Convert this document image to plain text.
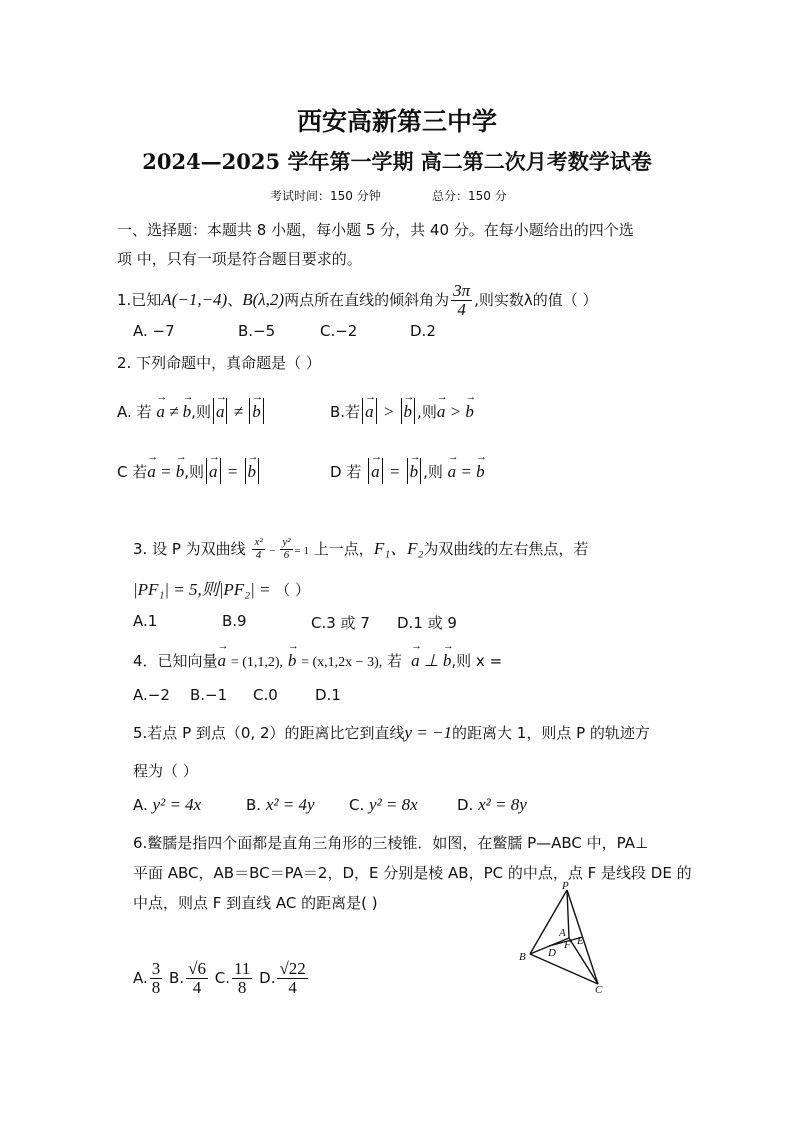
西安高新第三中学
2024—2025 学年第一学期 高二第二次月考数学试卷
考试时间：150 分钟	总分：150 分
一、选择题：本题共 8 小题，每小题 5 分，共 40 分。在每小题给出的四个选
项 中，只有一项是符合题目要求的。
1.已知A(−1,−4)、B(λ,2)两点所在直线的倾斜角为 $\frac{3\pi}{4}$ ,则实数λ的值（ ）
A. −7	B.−5	C.−2	D.2
2. 下列命题中，真命题是（ ）
A. 若 → a ≠ → b,则 → a ≠ → b	B.若 → a > → b ,则→ a > → b
C 若→ a = → b,则 → a = → b	D 若 → a = → b ,则 → a = → b
3. 设 P 为双曲线 $\frac{\text{x²}}{4} - \frac{\text{y²}}{6} = 1$ 上一点，F₁、F₂为双曲线的左右焦点，若
|PF₁| = 5,则|PF₂| = （ ）
A.1	B.9	C.3 或 7 D.1 或 9
4．已知向量→ a = (1,1,2), → b = (x,1,2x − 3), 若 → a ⊥ → b,则 x =
A.−2 B.−1 C.0 D.1
5.若点 P 到点（0, 2）的距离比它到直线y = −1的距离大 1，则点 P 的轨迹方
程为（ ）
A. y² = 4x	B. x² = 4y C. y² = 8x	D. x² = 8y
6.鳖臑是指四个面都是直角三角形的三棱锥．如图，在鳖臑 P—ABC 中，PA⊥
平面 ABC，AB＝BC＝PA＝2，D，E 分别是棱 AB，PC 的中点，点 F 是线段 DE 的
中点，则点 F 到直线 AC 的距离是( )
A. $\frac{3}{8} B$. $\frac{√6}{4} C$. $\frac{11}{8} D$. $\frac{√22}{4}$
P
A
B
C
D
E
F
